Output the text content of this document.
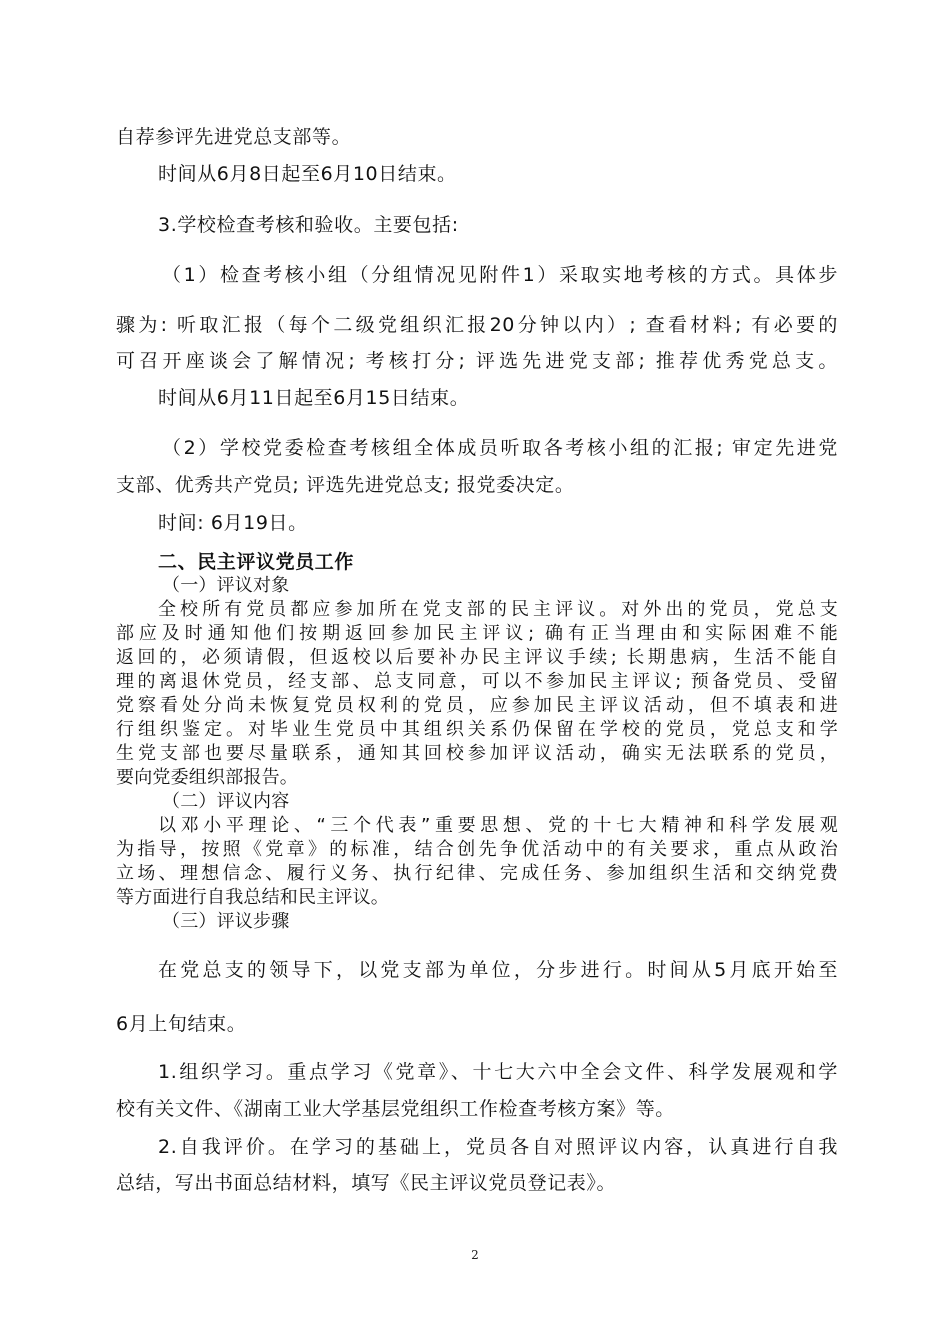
自荐参评先进党总支部等。
时间从6月8日起至6月10日结束。
3.学校检查考核和验收。主要包括:
（1）检查考核小组（分组情况见附件1）采取实地考核的方式。具体步
骤为: 听取汇报（每个二级党组织汇报20分钟以内）; 查看材料; 有必要的
可召开座谈会了解情况; 考核打分; 评选先进党支部; 推荐优秀党总支。
时间从6月11日起至6月15日结束。
（2）学校党委检查考核组全体成员听取各考核小组的汇报; 审定先进党
支部、优秀共产党员; 评选先进党总支; 报党委决定。
时间: 6月19日。
二、民主评议党员工作
（一）评议对象
全校所有党员都应参加所在党支部的民主评议。对外出的党员，党总支
部应及时通知他们按期返回参加民主评议; 确有正当理由和实际困难不能
返回的，必须请假，但返校以后要补办民主评议手续; 长期患病，生活不能自
理的离退休党员，经支部、总支同意，可以不参加民主评议; 预备党员、受留
党察看处分尚未恢复党员权利的党员，应参加民主评议活动，但不填表和进
行组织鉴定。对毕业生党员中其组织关系仍保留在学校的党员，党总支和学
生党支部也要尽量联系，通知其回校参加评议活动，确实无法联系的党员，
要向党委组织部报告。
（二）评议内容
以邓小平理论、“三个代表”重要思想、党的十七大精神和科学发展观
为指导，按照《党章》的标准，结合创先争优活动中的有关要求，重点从政治
立场、理想信念、履行义务、执行纪律、完成任务、参加组织生活和交纳党费
等方面进行自我总结和民主评议。
（三）评议步骤
在党总支的领导下，以党支部为单位，分步进行。时间从5月底开始至
6月上旬结束。
1.组织学习。重点学习《党章》、十七大六中全会文件、科学发展观和学
校有关文件、《湖南工业大学基层党组织工作检查考核方案》等。
2.自我评价。在学习的基础上，党员各自对照评议内容，认真进行自我
总结，写出书面总结材料，填写《民主评议党员登记表》。
2
